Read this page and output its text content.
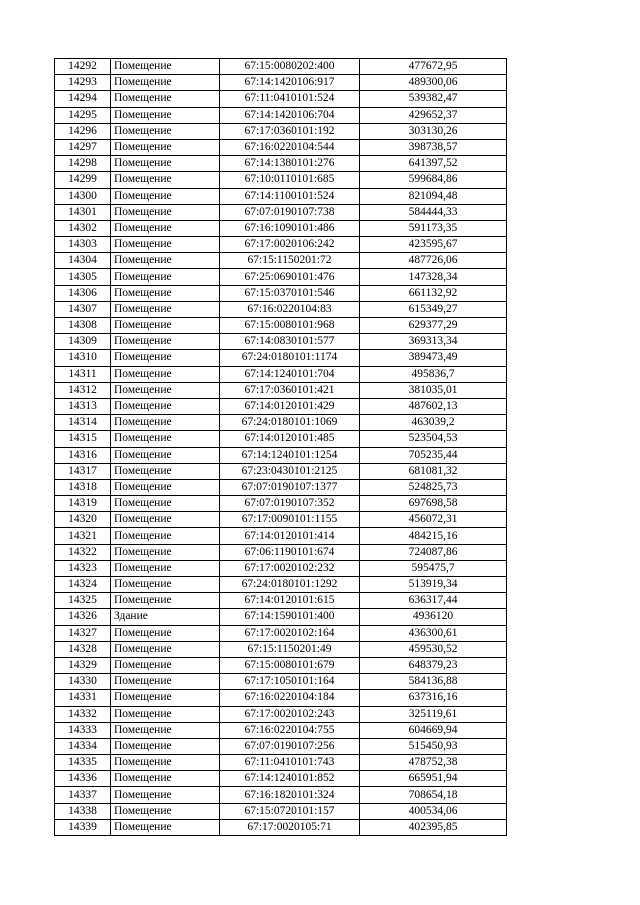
14292	Помещение	67:15:0080202:400	477672,95
14293	Помещение	67:14:1420106:917	489300,06
14294	Помещение	67:11:0410101:524	539382,47
14295	Помещение	67:14:1420106:704	429652,37
14296	Помещение	67:17:0360101:192	303130,26
14297	Помещение	67:16:0220104:544	398738,57
14298	Помещение	67:14:1380101:276	641397,52
14299	Помещение	67:10:0110101:685	599684,86
14300	Помещение	67:14:1100101:524	821094,48
14301	Помещение	67:07:0190107:738	584444,33
14302	Помещение	67:16:1090101:486	591173,35
14303	Помещение	67:17:0020106:242	423595,67
14304	Помещение	67:15:1150201:72	487726,06
14305	Помещение	67:25:0690101:476	147328,34
14306	Помещение	67:15:0370101:546	661132,92
14307	Помещение	67:16:0220104:83	615349,27
14308	Помещение	67:15:0080101:968	629377,29
14309	Помещение	67:14:0830101:577	369313,34
14310	Помещение	67:24:0180101:1174	389473,49
14311	Помещение	67:14:1240101:704	495836,7
14312	Помещение	67:17:0360101:421	381035,01
14313	Помещение	67:14:0120101:429	487602,13
14314	Помещение	67:24:0180101:1069	463039,2
14315	Помещение	67:14:0120101:485	523504,53
14316	Помещение	67:14:1240101:1254	705235,44
14317	Помещение	67:23:0430101:2125	681081,32
14318	Помещение	67:07:0190107:1377	524825,73
14319	Помещение	67:07:0190107:352	697698,58
14320	Помещение	67:17:0090101:1155	456072,31
14321	Помещение	67:14:0120101:414	484215,16
14322	Помещение	67:06:1190101:674	724087,86
14323	Помещение	67:17:0020102:232	595475,7
14324	Помещение	67:24:0180101:1292	513919,34
14325	Помещение	67:14:0120101:615	636317,44
14326	Здание	67:14:1590101:400	4936120
14327	Помещение	67:17:0020102:164	436300,61
14328	Помещение	67:15:1150201:49	459530,52
14329	Помещение	67:15:0080101:679	648379,23
14330	Помещение	67:17:1050101:164	584136,88
14331	Помещение	67:16:0220104:184	637316,16
14332	Помещение	67:17:0020102:243	325119,61
14333	Помещение	67:16:0220104:755	604669,94
14334	Помещение	67:07:0190107:256	515450,93
14335	Помещение	67:11:0410101:743	478752,38
14336	Помещение	67:14:1240101:852	665951,94
14337	Помещение	67:16:1820101:324	708654,18
14338	Помещение	67:15:0720101:157	400534,06
14339	Помещение	67:17:0020105:71	402395,85
